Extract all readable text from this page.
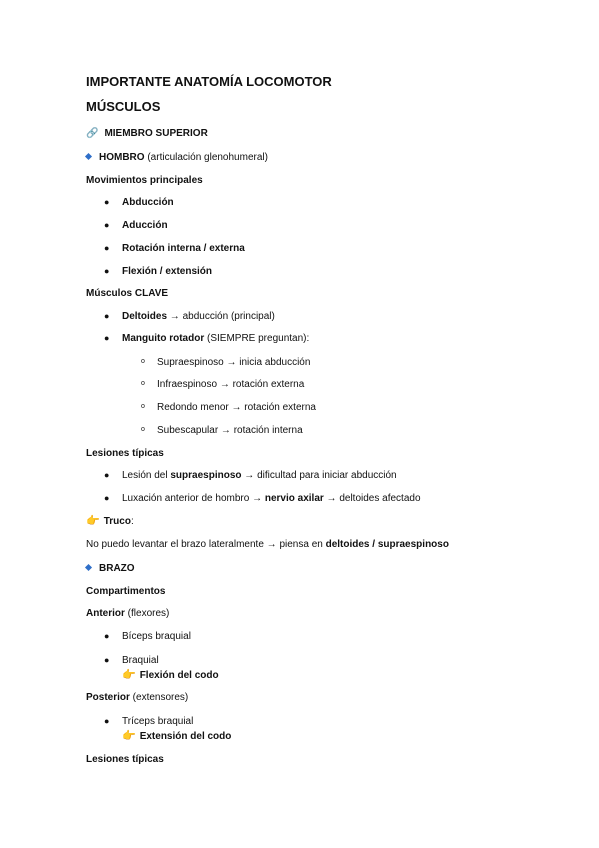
IMPORTANTE ANATOMÍA LOCOMOTOR
MÚSCULOS
🔗 MIEMBRO SUPERIOR
HOMBRO (articulación glenohumeral)
Movimientos principales
● Abducción
● Aducción
● Rotación interna / externa
● Flexión / extensión
Músculos CLAVE
● Deltoides → abducción (principal)
● Manguito rotador (SIEMPRE preguntan):
o Supraespinoso → inicia abducción
o Infraespinoso → rotación externa
o Redondo menor → rotación externa
o Subescapular → rotación interna
Lesiones típicas
● Lesión del supraespinoso → dificultad para iniciar abducción
● Luxación anterior de hombro → nervio axilar → deltoides afectado
👉 Truco:
No puedo levantar el brazo lateralmente → piensa en deltoides / supraespinoso
BRAZO
Compartimentos
Anterior (flexores)
● Bíceps braquial
● Braquial
👉 Flexión del codo
Posterior (extensores)
● Tríceps braquial
👉 Extensión del codo
Lesiones típicas
